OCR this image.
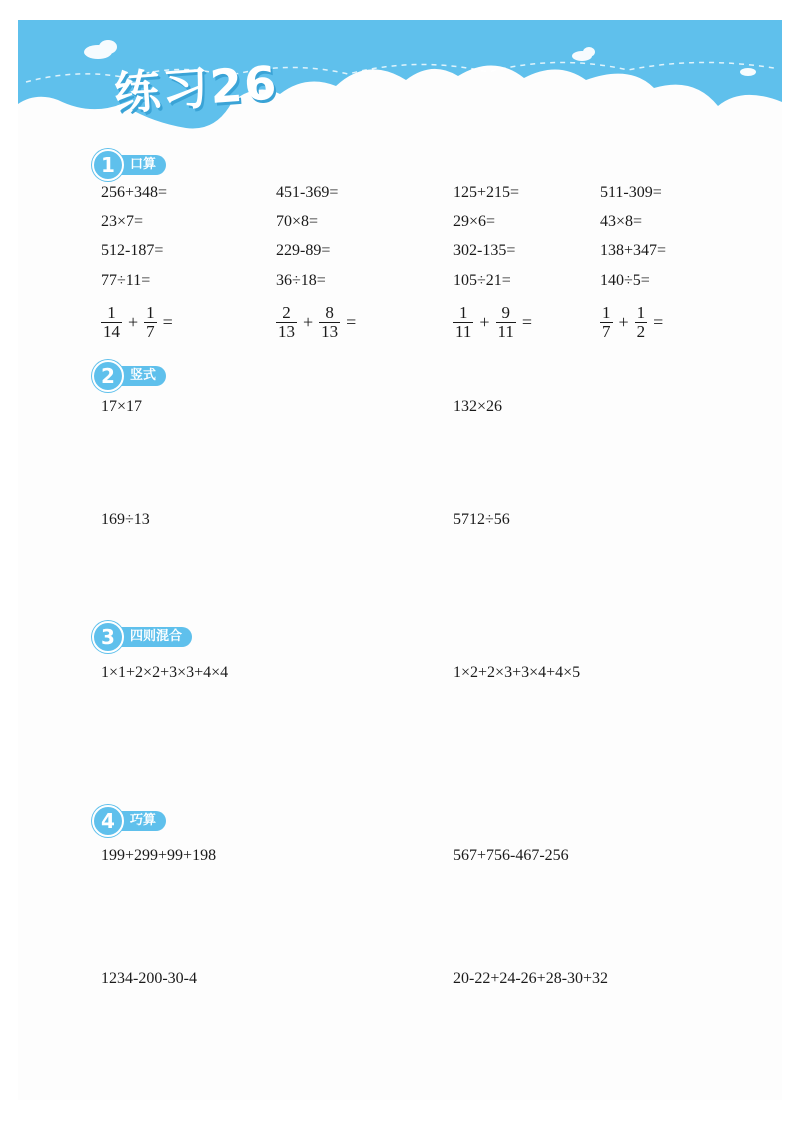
练习26
1	口算
256+348=	451-369=	125+215=	511-309=
23×7=	70×8=	29×6=	43×8=
512-187=	229-89=	302-135=	138+347=
77÷11=	36÷18=	105÷21=	140÷5=
$\frac{1}{14} + \frac{1}{7}$ =	$\frac{2}{13} + \frac{8}{13}$ =	$\frac{1}{11} + \frac{9}{11}$ =	$\frac{1}{7} + \frac{1}{2}$ =
2	竖式
17×17	132×26
169÷13	5712÷56
3	四则混合
1×1+2×2+3×3+4×4	1×2+2×3+3×4+4×5
4	巧算
199+299+99+198	567+756-467-256
1234-200-30-4	20-22+24-26+28-30+32
